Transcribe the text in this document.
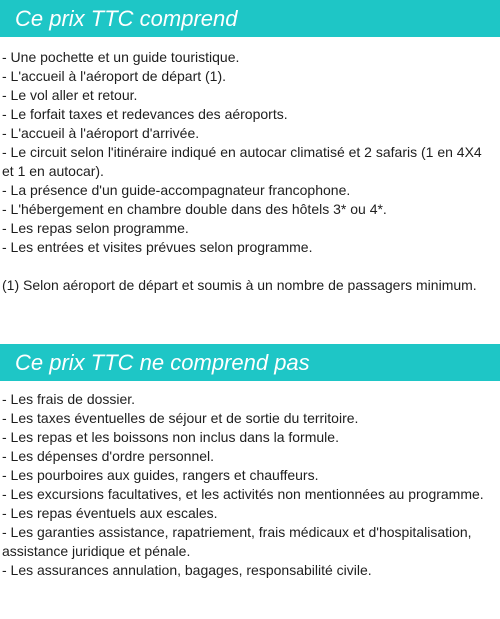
Ce prix TTC comprend
- Une pochette et un guide touristique.
- L'accueil à l'aéroport de départ (1).
- Le vol aller et retour.
- Le forfait taxes et redevances des aéroports.
- L'accueil à l'aéroport d'arrivée.
- Le circuit selon l'itinéraire indiqué en autocar climatisé et 2 safaris (1 en 4X4 et 1 en autocar).
- La présence d'un guide-accompagnateur francophone.
- L'hébergement en chambre double dans des hôtels 3* ou 4*.
- Les repas selon programme.
- Les entrées et visites prévues selon programme.

(1) Selon aéroport de départ et soumis à un nombre de passagers minimum.

Ce prix TTC ne comprend pas
- Les frais de dossier.
- Les taxes éventuelles de séjour et de sortie du territoire.
- Les repas et les boissons non inclus dans la formule.
- Les dépenses d'ordre personnel.
- Les pourboires aux guides, rangers et chauffeurs.
- Les excursions facultatives, et les activités non mentionnées au programme.
- Les repas éventuels aux escales.
- Les garanties assistance, rapatriement, frais médicaux et d'hospitalisation, assistance juridique et pénale.
- Les assurances annulation, bagages, responsabilité civile.
